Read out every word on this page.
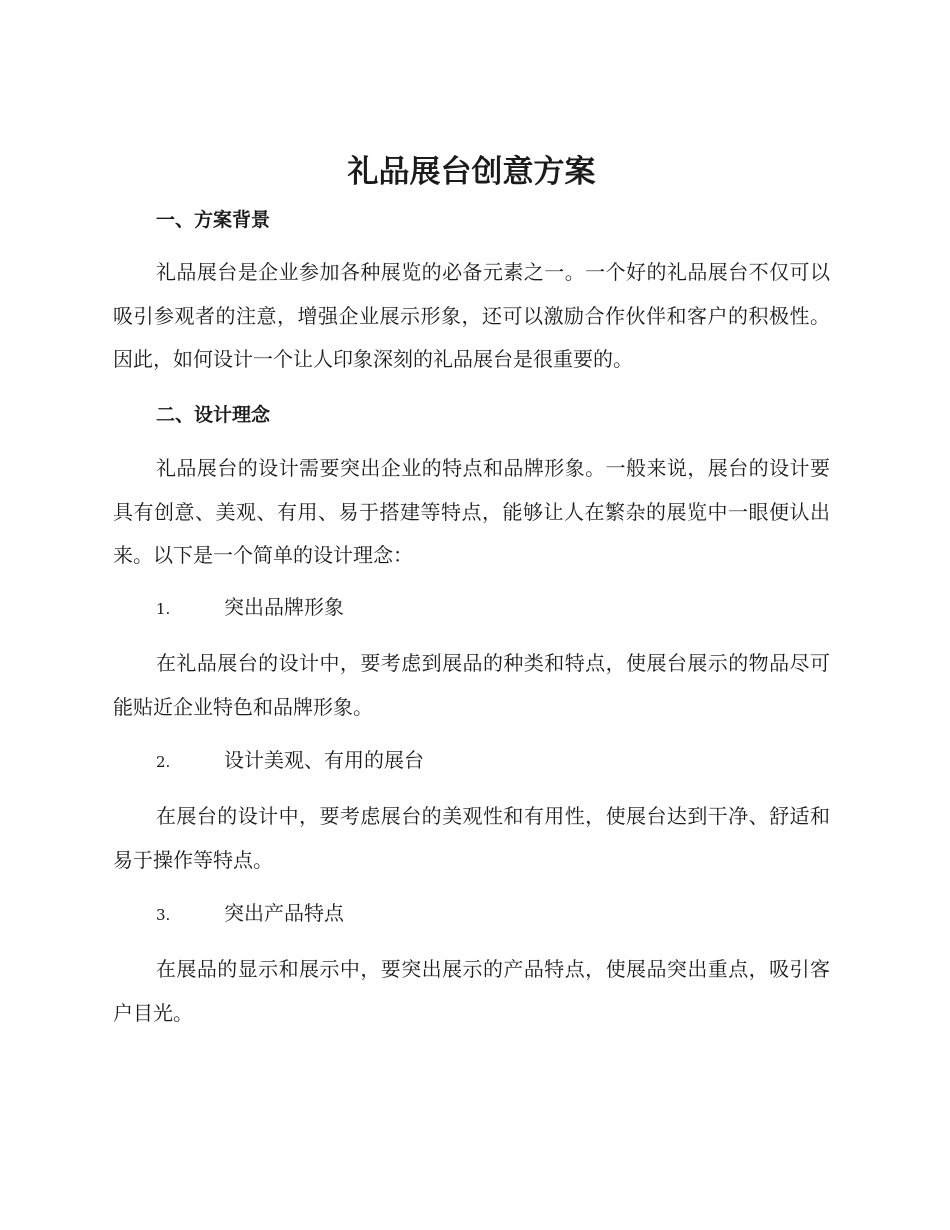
礼品展台创意方案
一、方案背景

礼品展台是企业参加各种展览的必备元素之一。一个好的礼品展台不仅可以吸引参观者的注意，增强企业展示形象，还可以激励合作伙伴和客户的积极性。因此，如何设计一个让人印象深刻的礼品展台是很重要的。

二、设计理念

礼品展台的设计需要突出企业的特点和品牌形象。一般来说，展台的设计要具有创意、美观、有用、易于搭建等特点，能够让人在繁杂的展览中一眼便认出来。以下是一个简单的设计理念：

1.	突出品牌形象

在礼品展台的设计中，要考虑到展品的种类和特点，使展台展示的物品尽可能贴近企业特色和品牌形象。

2.	设计美观、有用的展台

在展台的设计中，要考虑展台的美观性和有用性，使展台达到干净、舒适和易于操作等特点。

3.	突出产品特点

在展品的显示和展示中，要突出展示的产品特点，使展品突出重点，吸引客户目光。
